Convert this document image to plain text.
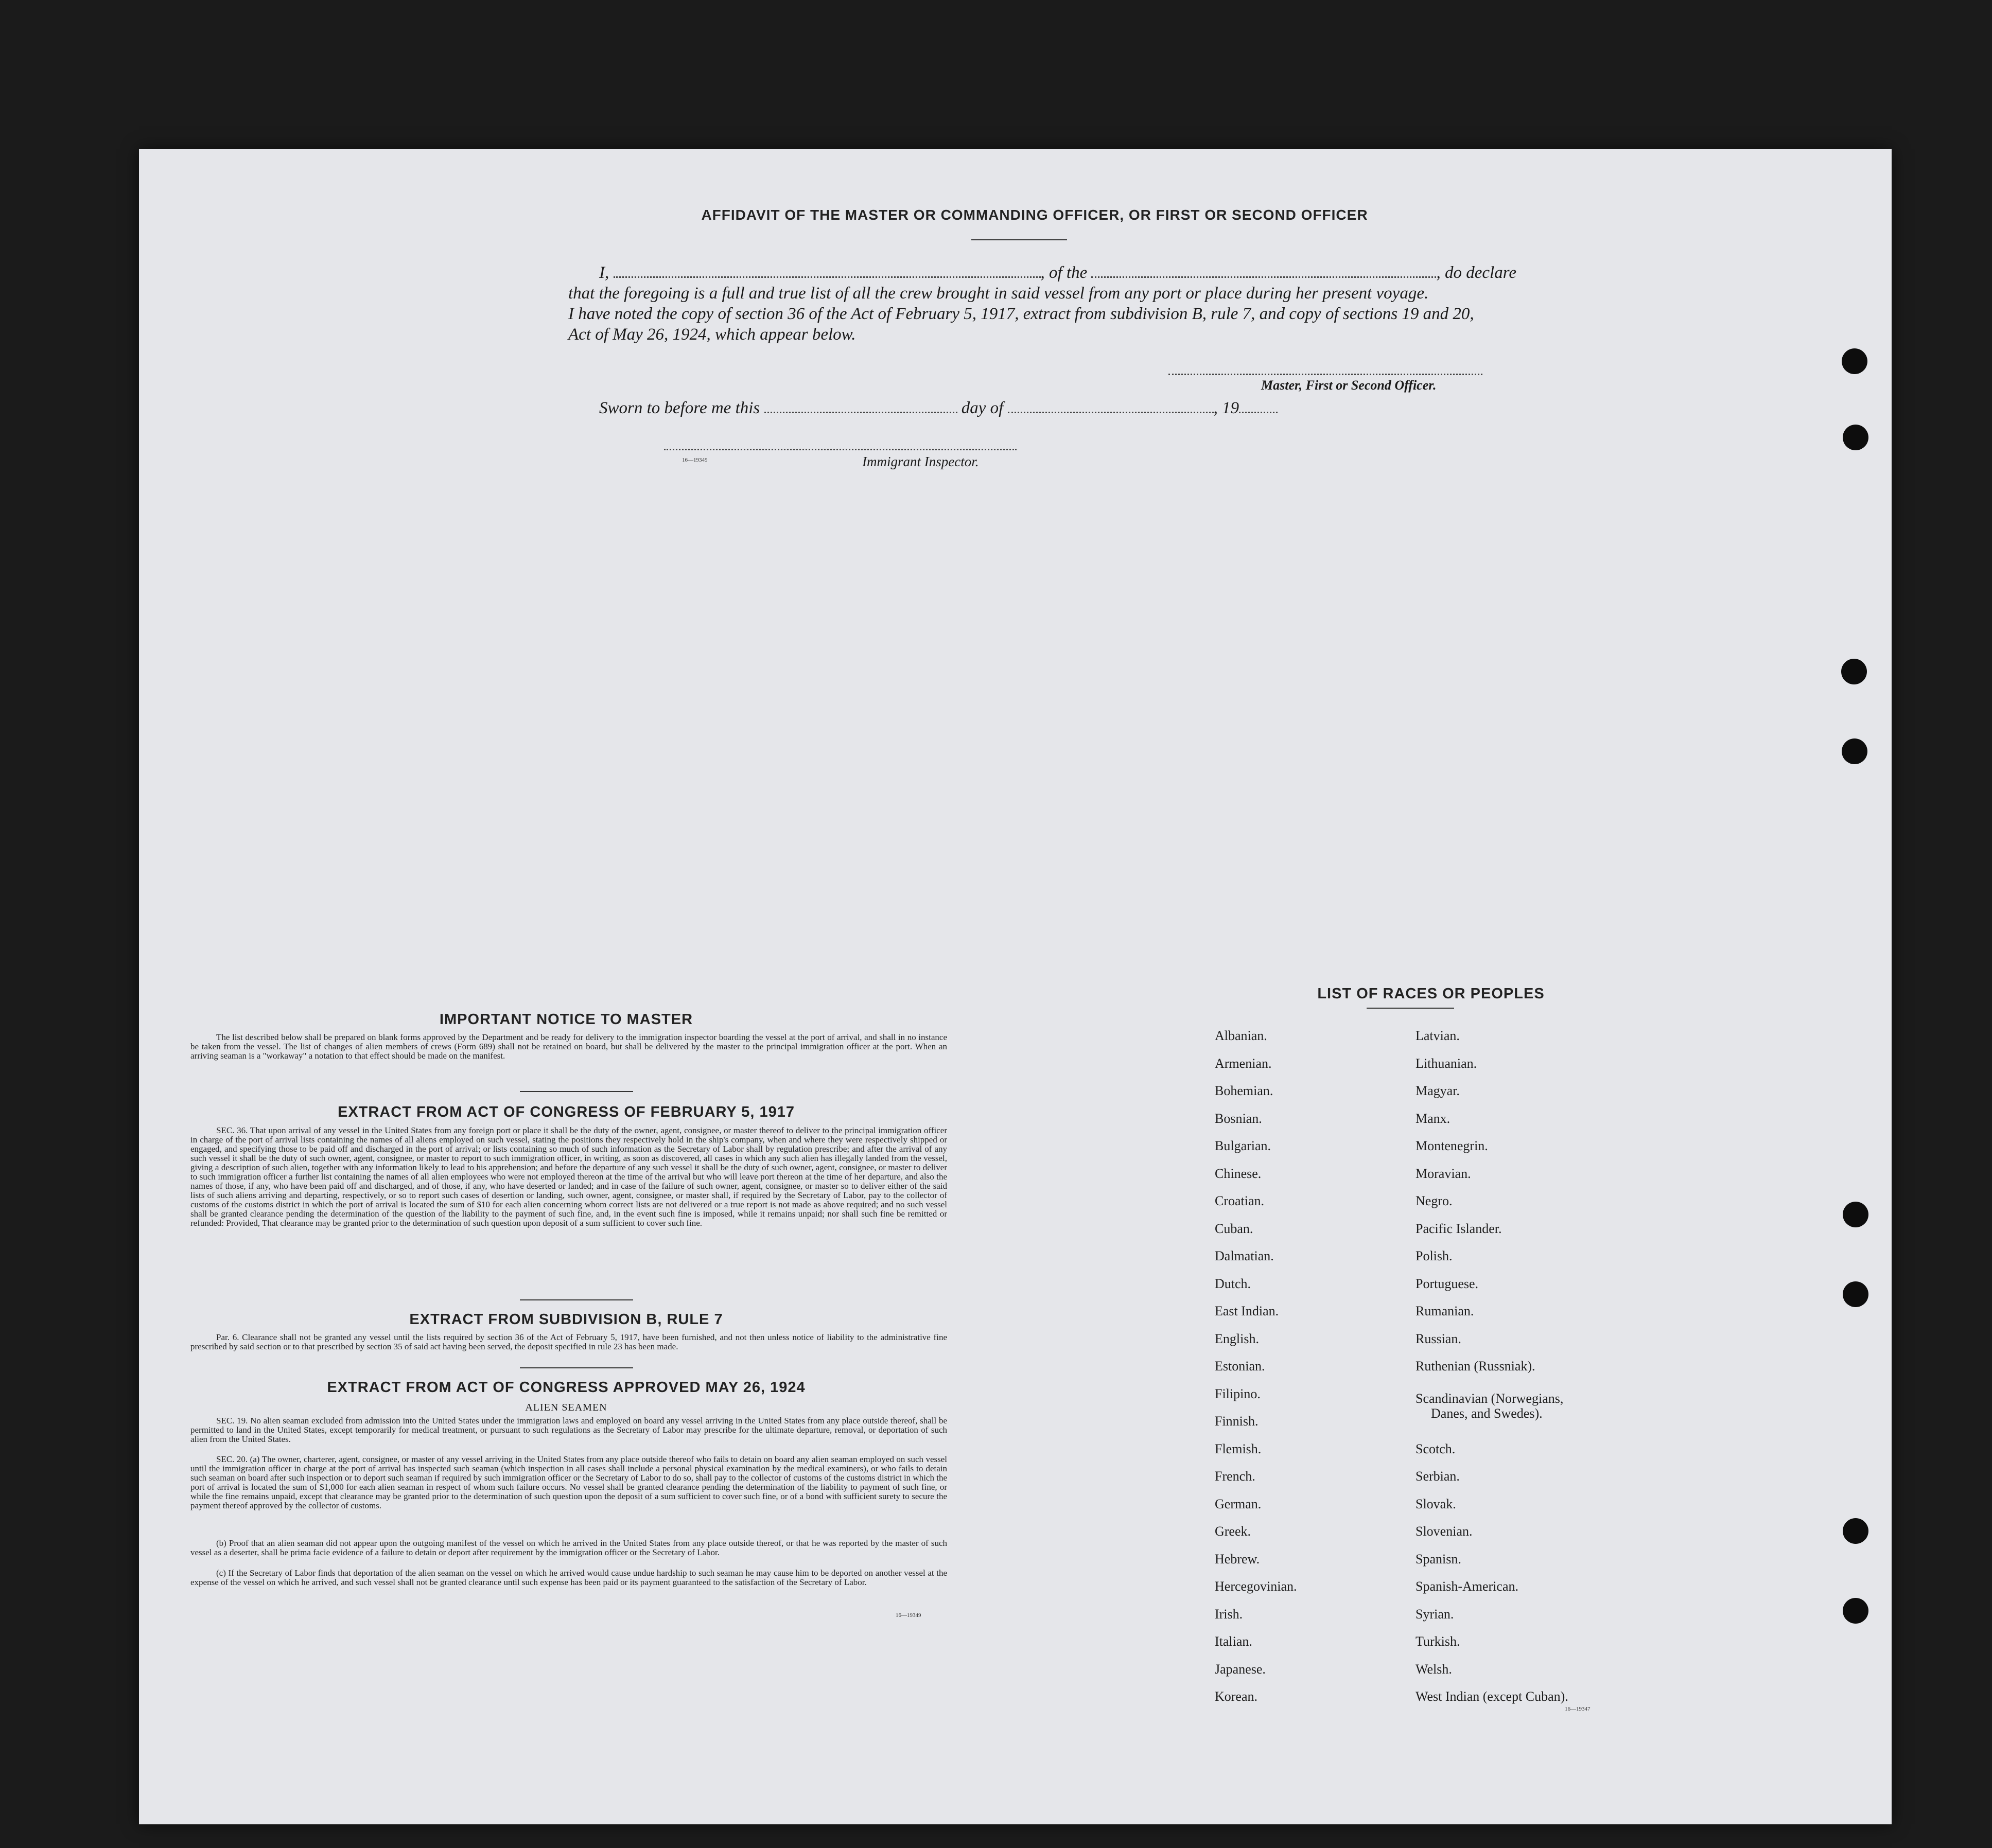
AFFIDAVIT OF THE MASTER OR COMMANDING OFFICER, OR FIRST OR SECOND OFFICER
I,	, of the	, do declare
that the foregoing is a full and true list of all the crew brought in said vessel from any port or place during her present voyage.
I have noted the copy of section 36 of the Act of February 5, 1917, extract from subdivision B, rule 7, and copy of sections 19 and 20,
Act of May 26, 1924, which appear below.
Master, First or Second Officer.
Sworn to before me this	day of	, 19
16—19349	Immigrant Inspector.
IMPORTANT NOTICE TO MASTER
The list described below shall be prepared on blank forms approved by the Department and be ready for delivery to the immigration inspector boarding the vessel at the port of arrival, and shall in no instance be taken from the vessel. The list of changes of alien members of crews (Form 689) shall not be retained on board, but shall be delivered by the master to the principal immigration officer at the port. When an arriving seaman is a "workaway" a notation to that effect should be made on the manifest.
EXTRACT FROM ACT OF CONGRESS OF FEBRUARY 5, 1917
SEC. 36. That upon arrival of any vessel in the United States from any foreign port or place it shall be the duty of the owner, agent, consignee, or master thereof to deliver to the principal immigration officer in charge of the port of arrival lists containing the names of all aliens employed on such vessel, stating the positions they respectively hold in the ship's company, when and where they were respectively shipped or engaged, and specifying those to be paid off and discharged in the port of arrival; or lists containing so much of such information as the Secretary of Labor shall by regulation prescribe; and after the arrival of any such vessel it shall be the duty of such owner, agent, consignee, or master to report to such immigration officer, in writing, as soon as discovered, all cases in which any such alien has illegally landed from the vessel, giving a description of such alien, together with any information likely to lead to his apprehension; and before the departure of any such vessel it shall be the duty of such owner, agent, consignee, or master to deliver to such immigration officer a further list containing the names of all alien employees who were not employed thereon at the time of the arrival but who will leave port thereon at the time of her departure, and also the names of those, if any, who have been paid off and discharged, and of those, if any, who have deserted or landed; and in case of the failure of such owner, agent, consignee, or master so to deliver either of the said lists of such aliens arriving and departing, respectively, or so to report such cases of desertion or landing, such owner, agent, consignee, or master shall, if required by the Secretary of Labor, pay to the collector of customs of the customs district in which the port of arrival is located the sum of $10 for each alien concerning whom correct lists are not delivered or a true report is not made as above required; and no such vessel shall be granted clearance pending the determination of the question of the liability to the payment of such fine, and, in the event such fine is imposed, while it remains unpaid; nor shall such fine be remitted or refunded: Provided, That clearance may be granted prior to the determination of such question upon deposit of a sum sufficient to cover such fine.
EXTRACT FROM SUBDIVISION B, RULE 7
Par. 6. Clearance shall not be granted any vessel until the lists required by section 36 of the Act of February 5, 1917, have been furnished, and not then unless notice of liability to the administrative fine prescribed by said section or to that prescribed by section 35 of said act having been served, the deposit specified in rule 23 has been made.
EXTRACT FROM ACT OF CONGRESS APPROVED MAY 26, 1924
ALIEN SEAMEN
SEC. 19. No alien seaman excluded from admission into the United States under the immigration laws and employed on board any vessel arriving in the United States from any place outside thereof, shall be permitted to land in the United States, except temporarily for medical treatment, or pursuant to such regulations as the Secretary of Labor may prescribe for the ultimate departure, removal, or deportation of such alien from the United States.
SEC. 20. (a) The owner, charterer, agent, consignee, or master of any vessel arriving in the United States from any place outside thereof who fails to detain on board any alien seaman employed on such vessel until the immigration officer in charge at the port of arrival has inspected such seaman (which inspection in all cases shall include a personal physical examination by the medical examiners), or who fails to detain such seaman on board after such inspection or to deport such seaman if required by such immigration officer or the Secretary of Labor to do so, shall pay to the collector of customs of the customs district in which the port of arrival is located the sum of $1,000 for each alien seaman in respect of whom such failure occurs. No vessel shall be granted clearance pending the determination of the liability to payment of such fine, or while the fine remains unpaid, except that clearance may be granted prior to the determination of such question upon the deposit of a sum sufficient to cover such fine, or of a bond with sufficient surety to secure the payment thereof approved by the collector of customs.
(b) Proof that an alien seaman did not appear upon the outgoing manifest of the vessel on which he arrived in the United States from any place outside thereof, or that he was reported by the master of such vessel as a deserter, shall be prima facie evidence of a failure to detain or deport after requirement by the immigration officer or the Secretary of Labor.
(c) If the Secretary of Labor finds that deportation of the alien seaman on the vessel on which he arrived would cause undue hardship to such seaman he may cause him to be deported on another vessel at the expense of the vessel on which he arrived, and such vessel shall not be granted clearance until such expense has been paid or its payment guaranteed to the satisfaction of the Secretary of Labor.
16—19349
LIST OF RACES OR PEOPLES
Albanian.
Armenian.
Bohemian.
Bosnian.
Bulgarian.
Chinese.
Croatian.
Cuban.
Dalmatian.
Dutch.
East Indian.
English.
Estonian.
Filipino.
Finnish.
Flemish.
French.
German.
Greek.
Hebrew.
Hercegovinian.
Irish.
Italian.
Japanese.
Korean.
Latvian.
Lithuanian.
Magyar.
Manx.
Montenegrin.
Moravian.
Negro.
Pacific Islander.
Polish.
Portuguese.
Rumanian.
Russian.
Ruthenian (Russniak).
Scandinavian (Norwegians,
Danes, and Swedes).
Scotch.
Serbian.
Slovak.
Slovenian.
Spanisn.
Spanish-American.
Syrian.
Turkish.
Welsh.
West Indian (except Cuban).
16—19347
